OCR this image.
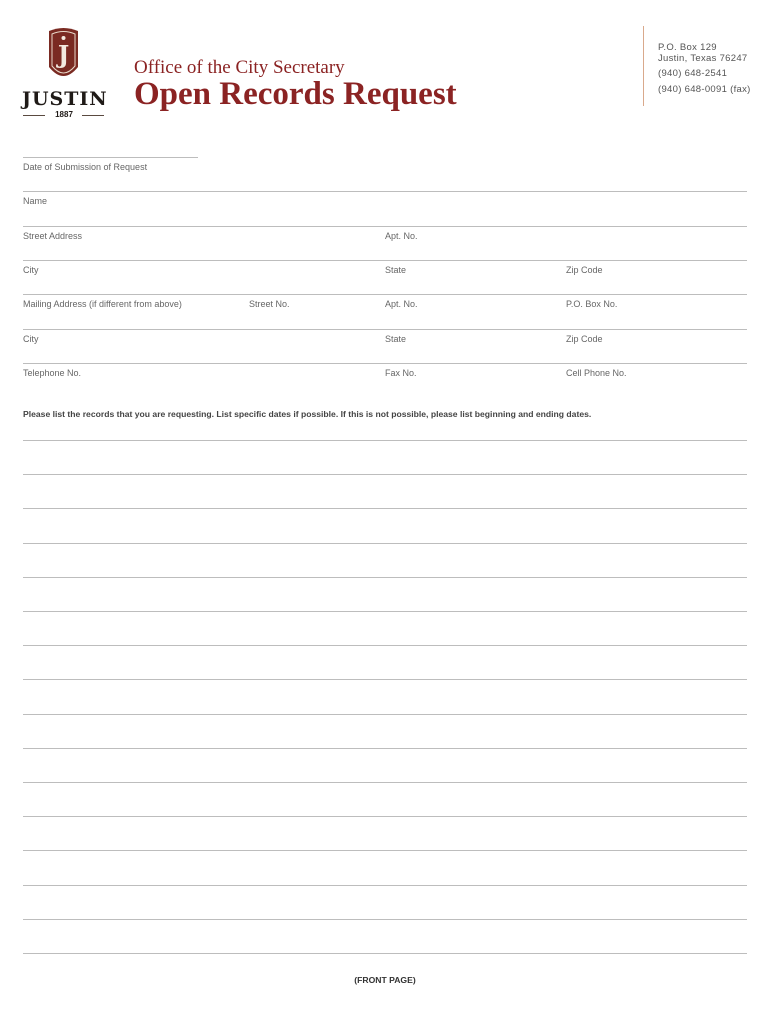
J
JUSTIN
1887
Office of the City Secretary
Open Records Request
P.O. Box 129
Justin, Texas 76247
(940) 648-2541
(940) 648-0091 (fax)
Date of Submission of Request
Name
Street Address	Apt. No.
City	State	Zip Code
Mailing Address (if different from above)	Street No.	Apt. No.	P.O. Box No.
City	State	Zip Code
Telephone No.	Fax No.	Cell Phone No.
Please list the records that you are requesting. List specific dates if possible. If this is not possible, please list beginning and ending dates.
(FRONT PAGE)
